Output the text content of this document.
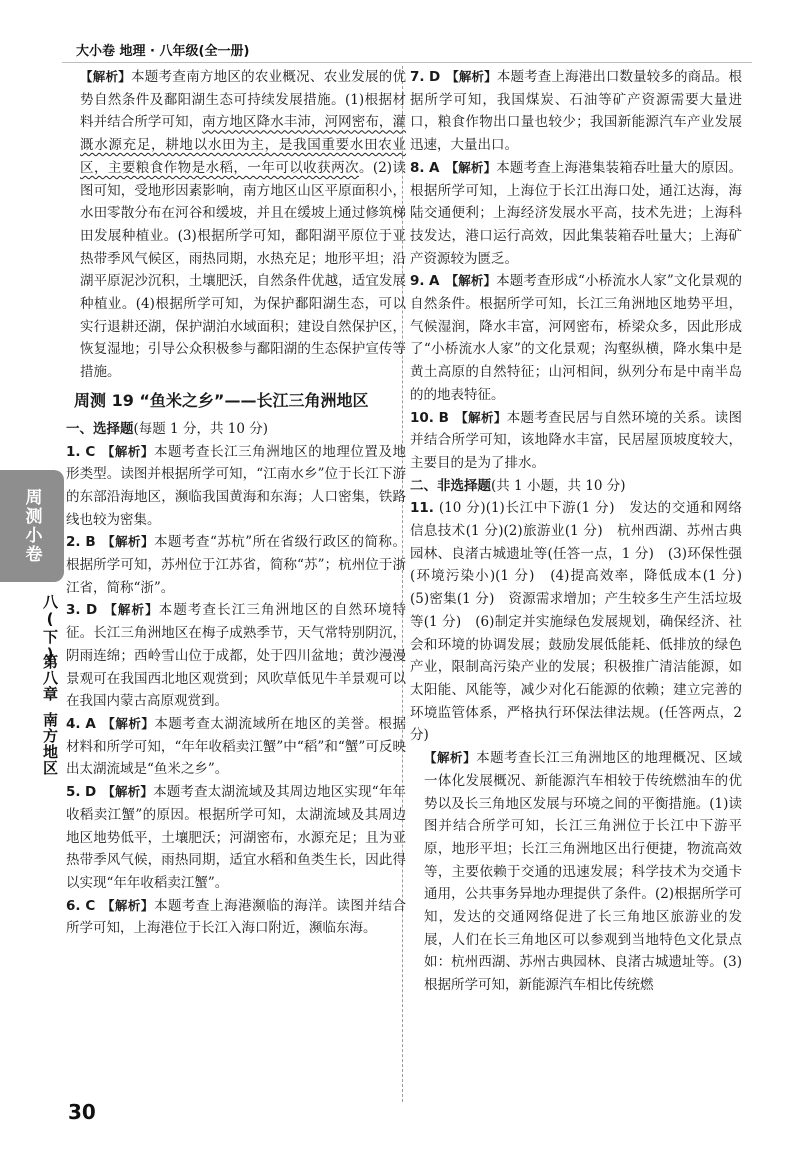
大小卷 地理 · 八年级(全一册)
周测小卷
八(下)
第八章
南方地区

【解析】本题考查南方地区的农业概况、农业发展的优势自然条件及鄱阳湖生态可持续发展措施。(1)根据材料并结合所学可知，南方地区降水丰沛，河网密布，灌溉水源充足，耕地以水田为主，是我国重要水田农业区，主要粮食作物是水稻，一年可以收获两次。(2)读图可知，受地形因素影响，南方地区山区平原面积小，水田零散分布在河谷和缓坡，并且在缓坡上通过修筑梯田发展种植业。(3)根据所学可知，鄱阳湖平原位于亚热带季风气候区，雨热同期，水热充足；地形平坦；沿湖平原泥沙沉积，土壤肥沃，自然条件优越，适宜发展种植业。(4)根据所学可知，为保护鄱阳湖生态，可以实行退耕还湖，保护湖泊水域面积；建设自然保护区，恢复湿地；引导公众积极参与鄱阳湖的生态保护宣传等措施。

周测 19 “鱼米之乡”——长江三角洲地区

一、选择题(每题 1 分，共 10 分)

1. C 【解析】本题考查长江三角洲地区的地理位置及地形类型。读图并根据所学可知，“江南水乡”位于长江下游的东部沿海地区，濒临我国黄海和东海；人口密集，铁路线也较为密集。

2. B 【解析】本题考查“苏杭”所在省级行政区的简称。根据所学可知，苏州位于江苏省，简称“苏”；杭州位于浙江省，简称“浙”。

3. D 【解析】本题考查长江三角洲地区的自然环境特征。长江三角洲地区在梅子成熟季节，天气常特别阴沉，阴雨连绵；西岭雪山位于成都，处于四川盆地；黄沙漫漫景观可在我国西北地区观赏到；风吹草低见牛羊景观可以在我国内蒙古高原观赏到。

4. A 【解析】本题考查太湖流域所在地区的美誉。根据材料和所学可知，“年年收稻卖江蟹”中“稻”和“蟹”可反映出太湖流域是“鱼米之乡”。

5. D 【解析】本题考查太湖流域及其周边地区实现“年年收稻卖江蟹”的原因。根据所学可知，太湖流域及其周边地区地势低平，土壤肥沃；河湖密布，水源充足；且为亚热带季风气候，雨热同期，适宜水稻和鱼类生长，因此得以实现“年年收稻卖江蟹”。

6. C 【解析】本题考查上海港濒临的海洋。读图并结合所学可知，上海港位于长江入海口附近，濒临东海。

7. D 【解析】本题考查上海港出口数量较多的商品。根据所学可知，我国煤炭、石油等矿产资源需要大量进口，粮食作物出口量也较少；我国新能源汽车产业发展迅速，大量出口。

8. A 【解析】本题考查上海港集装箱吞吐量大的原因。根据所学可知，上海位于长江出海口处，通江达海，海陆交通便利；上海经济发展水平高，技术先进；上海科技发达，港口运行高效，因此集装箱吞吐量大；上海矿产资源较为匮乏。

9. A 【解析】本题考查形成“小桥流水人家”文化景观的自然条件。根据所学可知，长江三角洲地区地势平坦，气候湿润，降水丰富，河网密布，桥梁众多，因此形成了“小桥流水人家”的文化景观；沟壑纵横，降水集中是黄土高原的自然特征；山河相间，纵列分布是中南半岛的的地表特征。

10. B 【解析】本题考查民居与自然环境的关系。读图并结合所学可知，该地降水丰富，民居屋顶坡度较大，主要目的是为了排水。

二、非选择题(共 1 小题，共 10 分)

11. (10 分)(1)长江中下游(1 分)　发达的交通和网络信息技术(1 分)(2)旅游业(1 分)　杭州西湖、苏州古典园林、良渚古城遗址等(任答一点，1 分)　(3)环保性强(环境污染小)(1 分)　(4)提高效率，降低成本(1 分)　(5)密集(1 分)　资源需求增加；产生较多生产生活垃圾等(1 分)　(6)制定并实施绿色发展规划，确保经济、社会和环境的协调发展；鼓励发展低能耗、低排放的绿色产业，限制高污染产业的发展；积极推广清洁能源，如太阳能、风能等，减少对化石能源的依赖；建立完善的环境监管体系，严格执行环保法律法规。(任答两点，2 分)

【解析】本题考查长江三角洲地区的地理概况、区域一体化发展概况、新能源汽车相较于传统燃油车的优势以及长三角地区发展与环境之间的平衡措施。(1)读图并结合所学可知，长江三角洲位于长江中下游平原，地形平坦；长江三角洲地区出行便捷，物流高效等，主要依赖于交通的迅速发展；科学技术为交通卡通用，公共事务异地办理提供了条件。(2)根据所学可知，发达的交通网络促进了长三角地区旅游业的发展，人们在长三角地区可以参观到当地特色文化景点如：杭州西湖、苏州古典园林、良渚古城遗址等。(3)根据所学可知，新能源汽车相比传统燃

30
